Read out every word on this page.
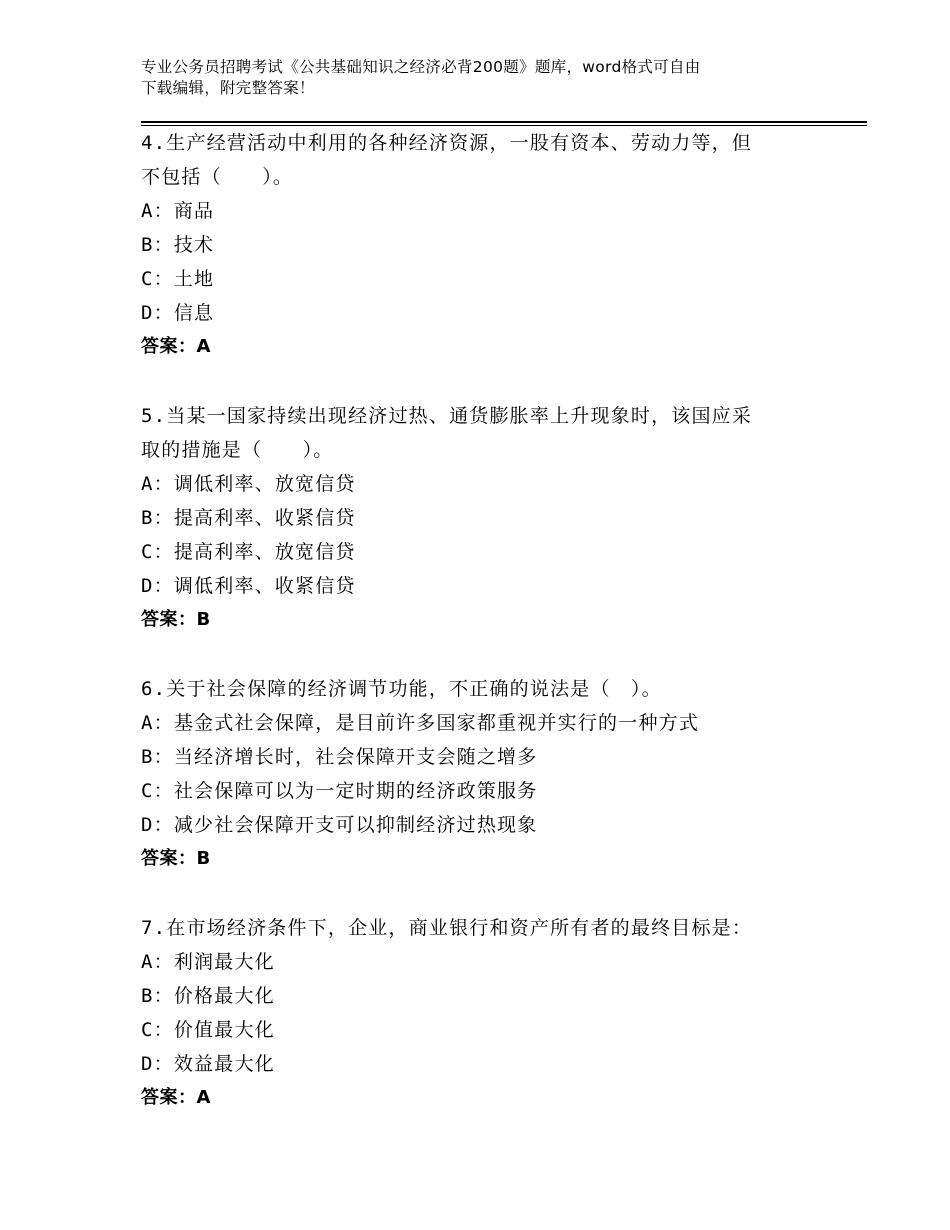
专业公务员招聘考试《公共基础知识之经济必背200题》题库，word格式可自由
下载编辑，附完整答案！
4.生产经营活动中利用的各种经济资源，一股有资本、劳动力等，但
不包括（　　）。
A：商品
B：技术
C：土地
D：信息
答案：A
5.当某一国家持续出现经济过热、通货膨胀率上升现象时，该国应采
取的措施是（　　）。
A：调低利率、放宽信贷
B：提高利率、收紧信贷
C：提高利率、放宽信贷
D：调低利率、收紧信贷
答案：B
6.关于社会保障的经济调节功能，不正确的说法是（　）。
A：基金式社会保障，是目前许多国家都重视并实行的一种方式
B：当经济增长时，社会保障开支会随之增多
C：社会保障可以为一定时期的经济政策服务
D：减少社会保障开支可以抑制经济过热现象
答案：B
7.在市场经济条件下，企业，商业银行和资产所有者的最终目标是：
A：利润最大化
B：价格最大化
C：价值最大化
D：效益最大化
答案：A
